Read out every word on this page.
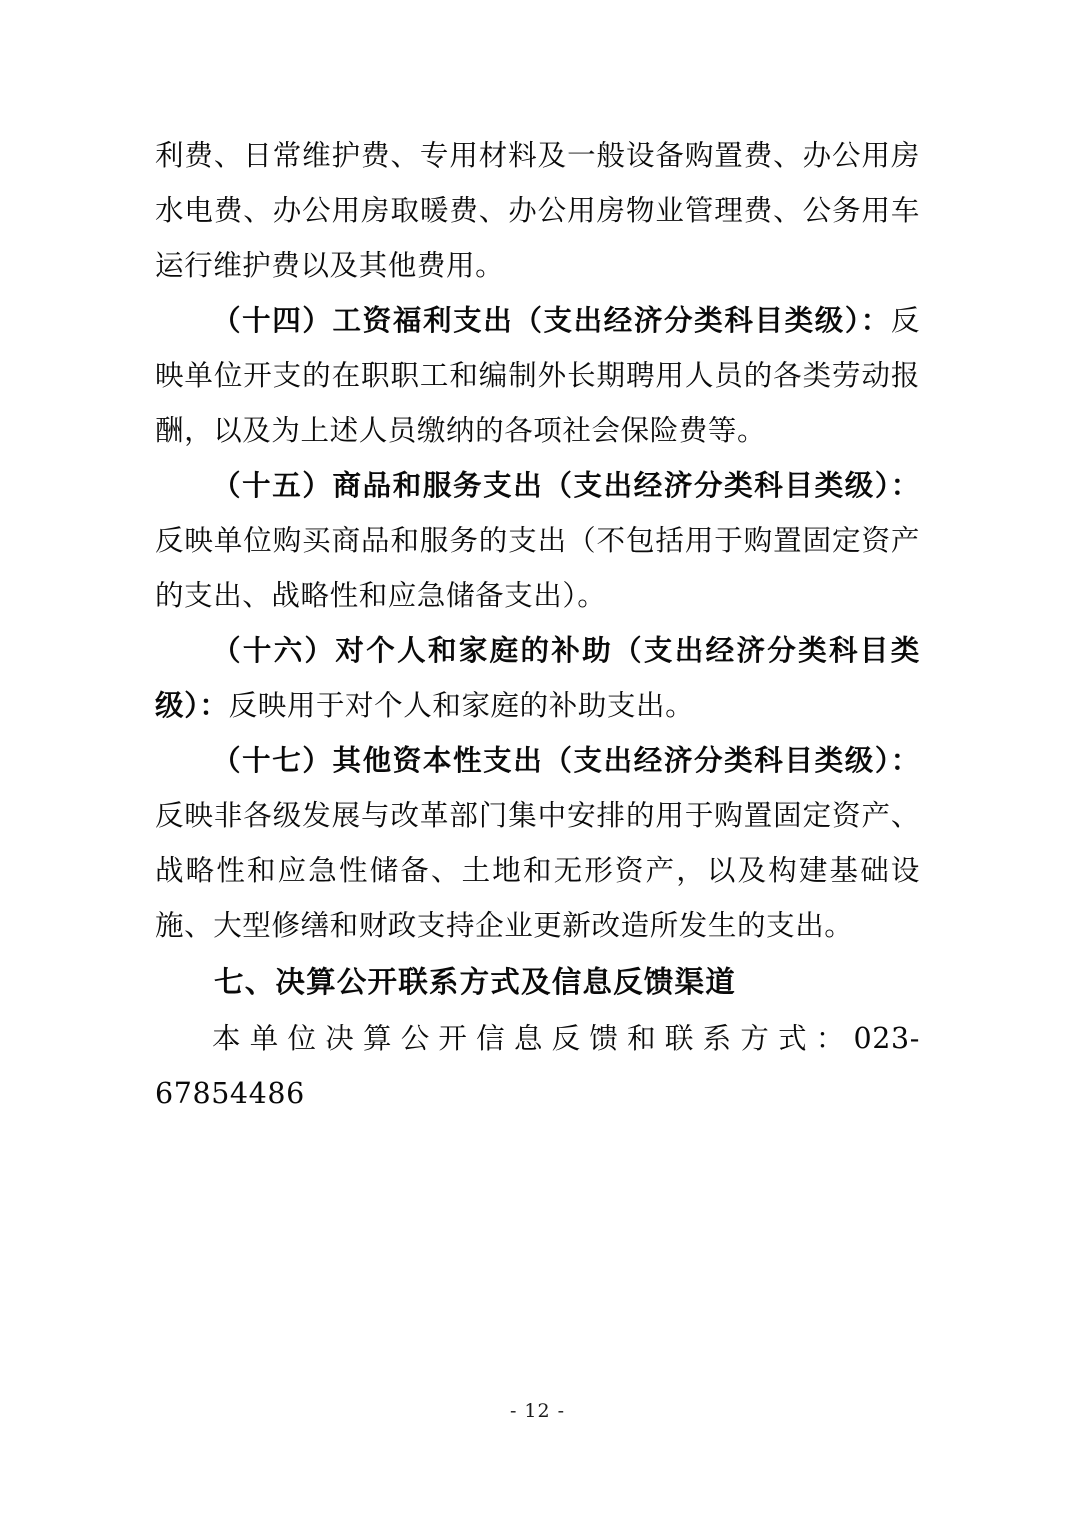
利费、日常维护费、专用材料及一般设备购置费、办公用房水电费、办公用房取暖费、办公用房物业管理费、公务用车运行维护费以及其他费用。

（十四）工资福利支出（支出经济分类科目类级）：反映单位开支的在职职工和编制外长期聘用人员的各类劳动报酬，以及为上述人员缴纳的各项社会保险费等。

（十五）商品和服务支出（支出经济分类科目类级）：反映单位购买商品和服务的支出（不包括用于购置固定资产的支出、战略性和应急储备支出）。

（十六）对个人和家庭的补助（支出经济分类科目类级）：反映用于对个人和家庭的补助支出。

（十七）其他资本性支出（支出经济分类科目类级）：反映非各级发展与改革部门集中安排的用于购置固定资产、战略性和应急性储备、土地和无形资产，以及构建基础设施、大型修缮和财政支持企业更新改造所发生的支出。

七、决算公开联系方式及信息反馈渠道

本单位决算公开信息反馈和联系方式：023-67854486

- 12 -
